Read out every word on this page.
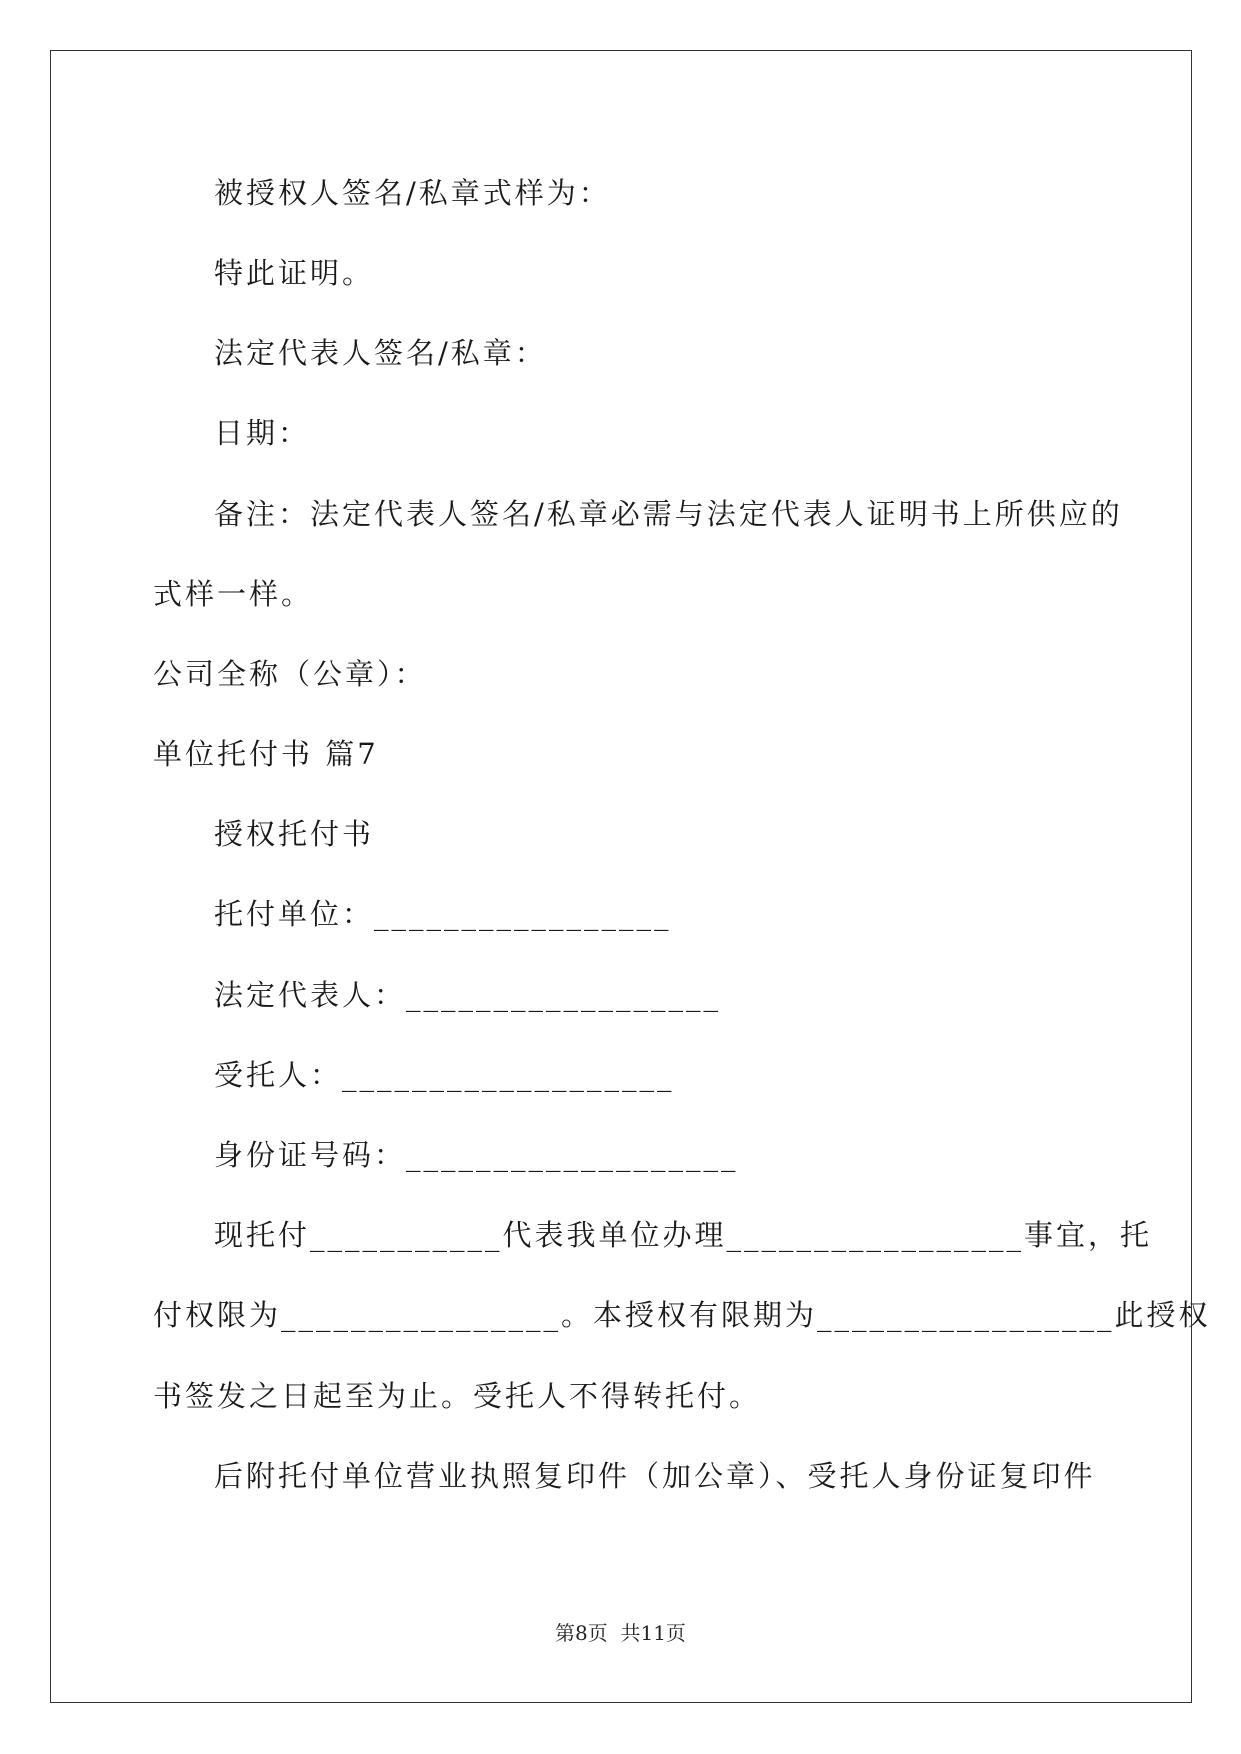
被授权人签名/私章式样为：
特此证明。
法定代表人签名/私章：
日期：
备注：法定代表人签名/私章必需与法定代表人证明书上所供应的
式样一样。
公司全称（公章）：
单位托付书 篇7
授权托付书
托付单位：_________________
法定代表人：__________________
受托人：___________________
身份证号码：___________________
现托付___________代表我单位办理_________________事宜，托
付权限为________________。本授权有限期为_________________此授权
书签发之日起至为止。受托人不得转托付。
后附托付单位营业执照复印件（加公章）、受托人身份证复印件
第8页  共11页
